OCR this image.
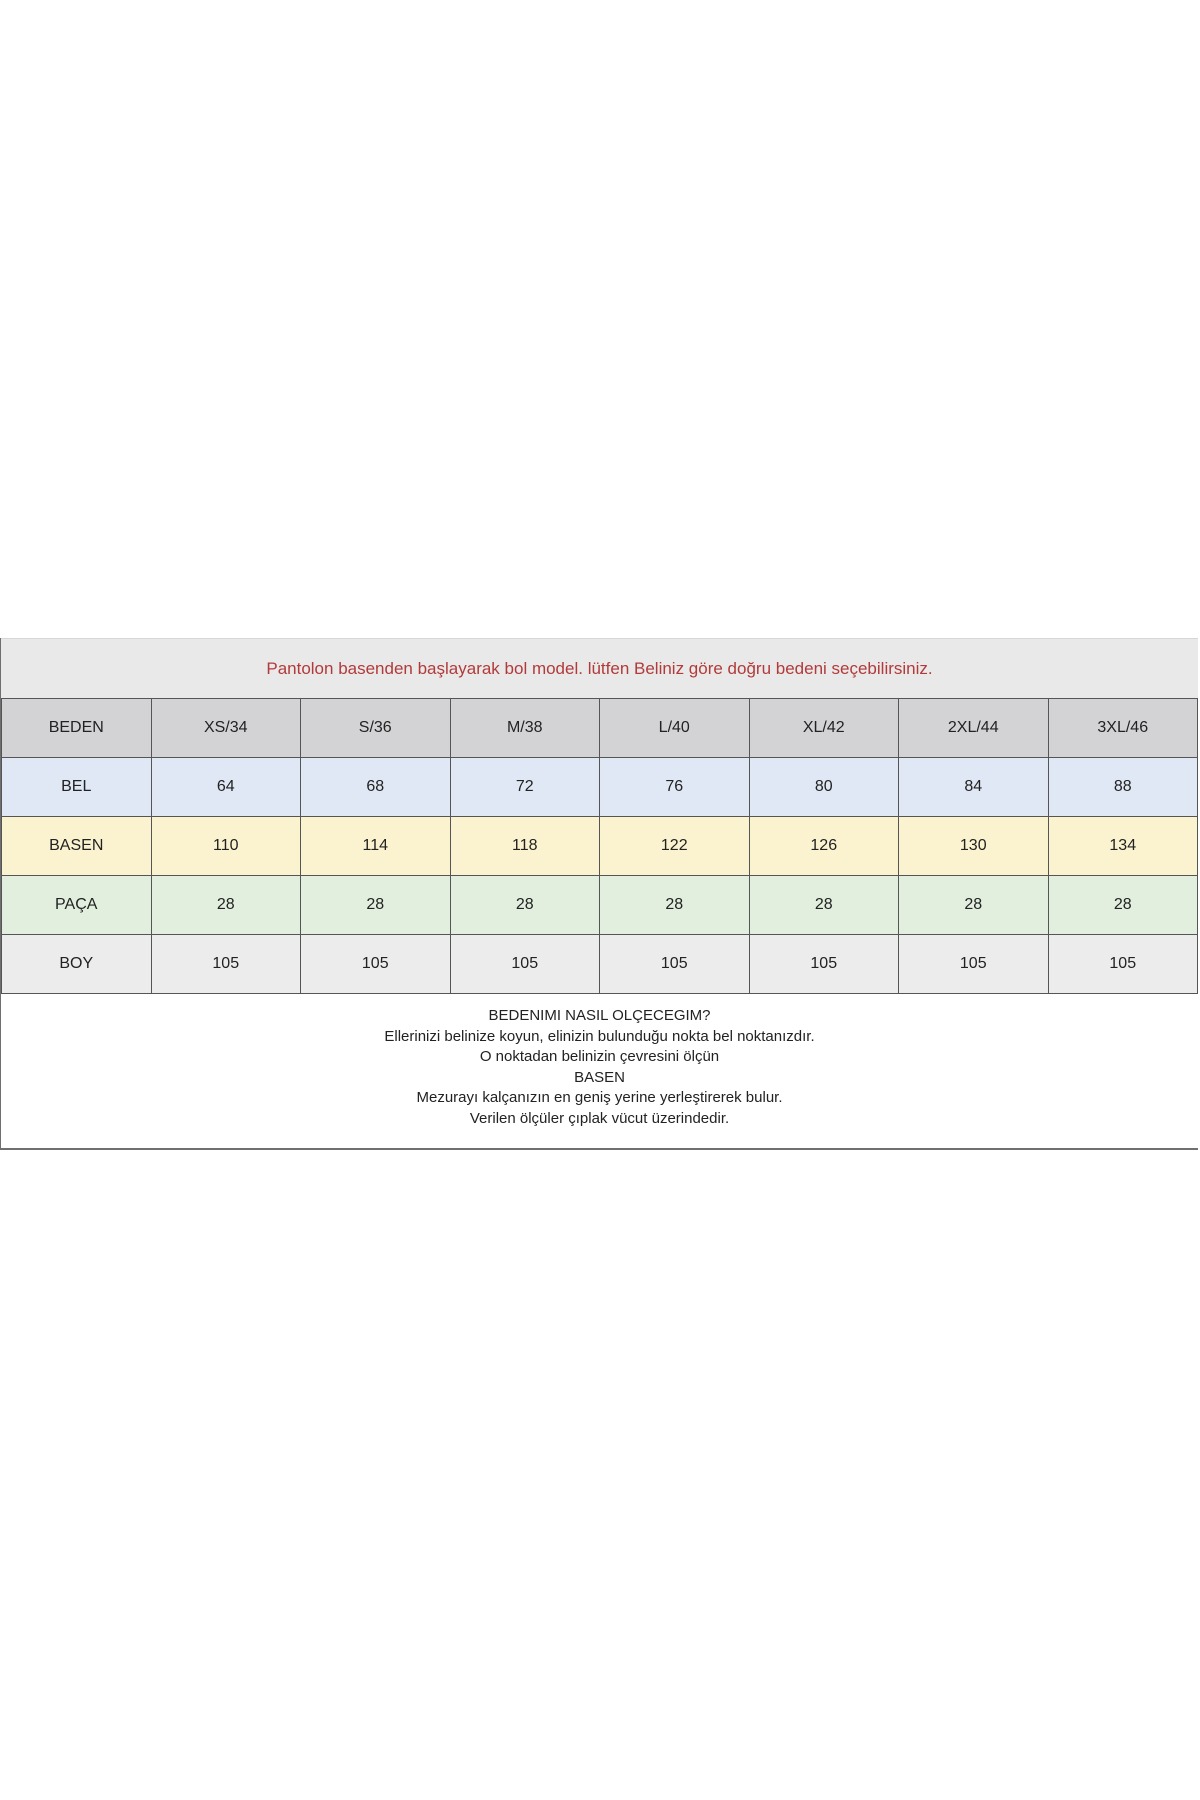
Pantolon basenden başlayarak bol model. lütfen Beliniz göre doğru bedeni seçebilirsiniz.
BEDEN	XS/34	S/36	M/38	L/40	XL/42	2XL/44	3XL/46
BEL	64	68	72	76	80	84	88
BASEN	110	114	118	122	126	130	134
PAÇA	28	28	28	28	28	28	28
BOY	105	105	105	105	105	105	105
BEDENIMI NASIL OLÇECEGIM?
Ellerinizi belinize koyun, elinizin bulunduğu nokta bel noktanızdır.
O noktadan belinizin çevresini ölçün
BASEN
Mezurayı kalçanızın en geniş yerine yerleştirerek bulur.
Verilen ölçüler çıplak vücut üzerindedir.
